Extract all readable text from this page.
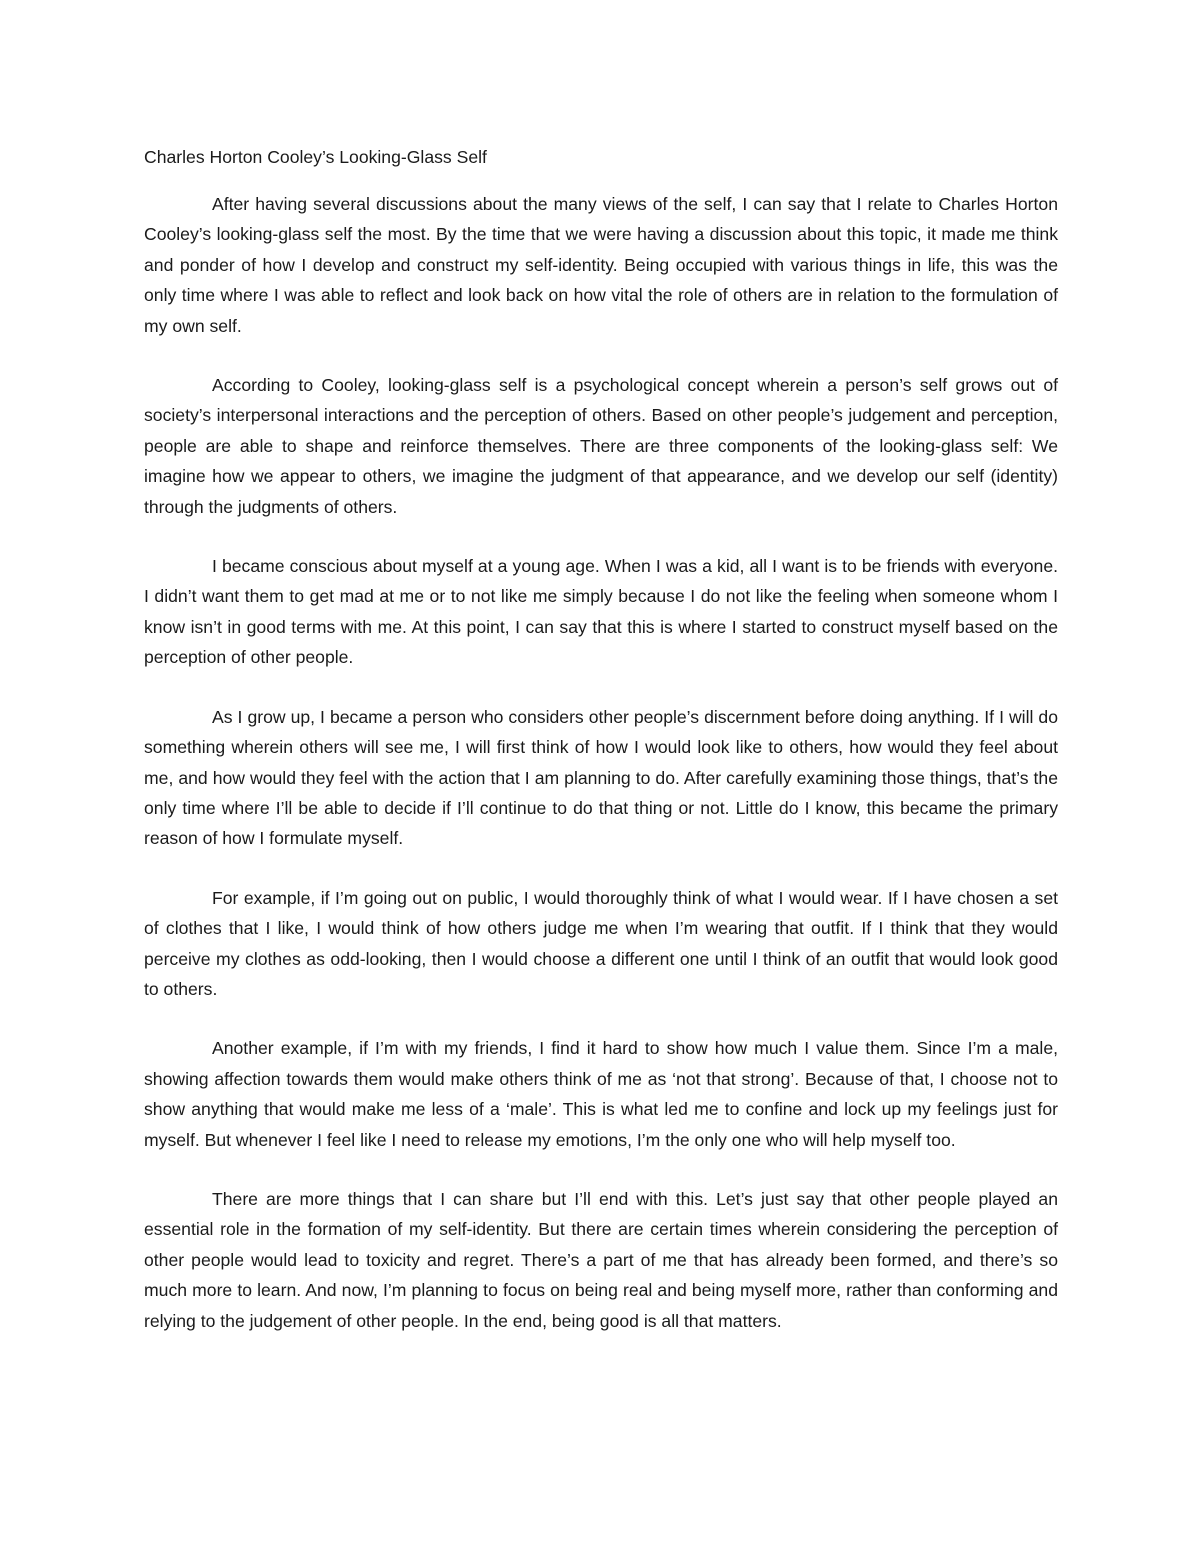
Charles Horton Cooley’s Looking-Glass Self

After having several discussions about the many views of the self, I can say that I relate to Charles Horton Cooley’s looking-glass self the most. By the time that we were having a discussion about this topic, it made me think and ponder of how I develop and construct my self-identity. Being occupied with various things in life, this was the only time where I was able to reflect and look back on how vital the role of others are in relation to the formulation of my own self.

According to Cooley, looking-glass self is a psychological concept wherein a person’s self grows out of society’s interpersonal interactions and the perception of others. Based on other people’s judgement and perception, people are able to shape and reinforce themselves. There are three components of the looking-glass self: We imagine how we appear to others, we imagine the judgment of that appearance, and we develop our self (identity) through the judgments of others.

I became conscious about myself at a young age. When I was a kid, all I want is to be friends with everyone. I didn’t want them to get mad at me or to not like me simply because I do not like the feeling when someone whom I know isn’t in good terms with me. At this point, I can say that this is where I started to construct myself based on the perception of other people.

As I grow up, I became a person who considers other people’s discernment before doing anything. If I will do something wherein others will see me, I will first think of how I would look like to others, how would they feel about me, and how would they feel with the action that I am planning to do. After carefully examining those things, that’s the only time where I’ll be able to decide if I’ll continue to do that thing or not. Little do I know, this became the primary reason of how I formulate myself.

For example, if I’m going out on public, I would thoroughly think of what I would wear. If I have chosen a set of clothes that I like, I would think of how others judge me when I’m wearing that outfit. If I think that they would perceive my clothes as odd-looking, then I would choose a different one until I think of an outfit that would look good to others.

Another example, if I’m with my friends, I find it hard to show how much I value them. Since I’m a male, showing affection towards them would make others think of me as ‘not that strong’. Because of that, I choose not to show anything that would make me less of a ‘male’. This is what led me to confine and lock up my feelings just for myself. But whenever I feel like I need to release my emotions, I’m the only one who will help myself too.

There are more things that I can share but I’ll end with this. Let’s just say that other people played an essential role in the formation of my self-identity. But there are certain times wherein considering the perception of other people would lead to toxicity and regret. There’s a part of me that has already been formed, and there’s so much more to learn. And now, I’m planning to focus on being real and being myself more, rather than conforming and relying to the judgement of other people. In the end, being good is all that matters.
